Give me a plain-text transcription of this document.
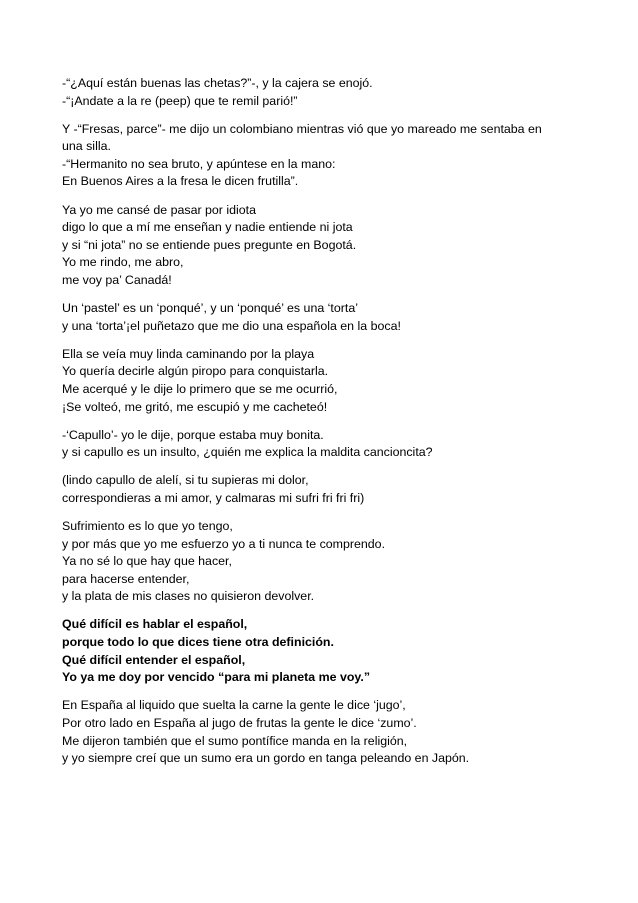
-“¿Aquí están buenas las chetas?”-, y la cajera se enojó.
-“¡Andate a la re (peep) que te remil parió!”
Y -“Fresas, parce”- me dijo un colombiano mientras vió que yo mareado me sentaba en
una silla.
-“Hermanito no sea bruto, y apúntese en la mano:
En Buenos Aires a la fresa le dicen frutilla”.
Ya yo me cansé de pasar por idiota
digo lo que a mí me enseñan y nadie entiende ni jota
y si “ni jota” no se entiende pues pregunte en Bogotá.
Yo me rindo, me abro,
me voy pa’ Canadá!
Un ‘pastel’ es un ‘ponqué’, y un ‘ponqué’ es una ‘torta’
y una ‘torta’¡el puñetazo que me dio una española en la boca!
Ella se veía muy linda caminando por la playa
Yo quería decirle algún piropo para conquistarla.
Me acerqué y le dije lo primero que se me ocurrió,
¡Se volteó, me gritó, me escupió y me cacheteó!
-‘Capullo’- yo le dije, porque estaba muy bonita.
y si capullo es un insulto, ¿quién me explica la maldita cancioncita?
(lindo capullo de alelí, si tu supieras mi dolor,
correspondieras a mi amor, y calmaras mi sufri fri fri fri)
Sufrimiento es lo que yo tengo,
y por más que yo me esfuerzo yo a ti nunca te comprendo.
Ya no sé lo que hay que hacer,
para hacerse entender,
y la plata de mis clases no quisieron devolver.
Qué difícil es hablar el español,
porque todo lo que dices tiene otra definición.
Qué difícil entender el español,
Yo ya me doy por vencido “para mi planeta me voy.”
En España al liquido que suelta la carne la gente le dice ‘jugo’,
Por otro lado en España al jugo de frutas la gente le dice ‘zumo’.
Me dijeron también que el sumo pontífice manda en la religión,
y yo siempre creí que un sumo era un gordo en tanga peleando en Japón.
